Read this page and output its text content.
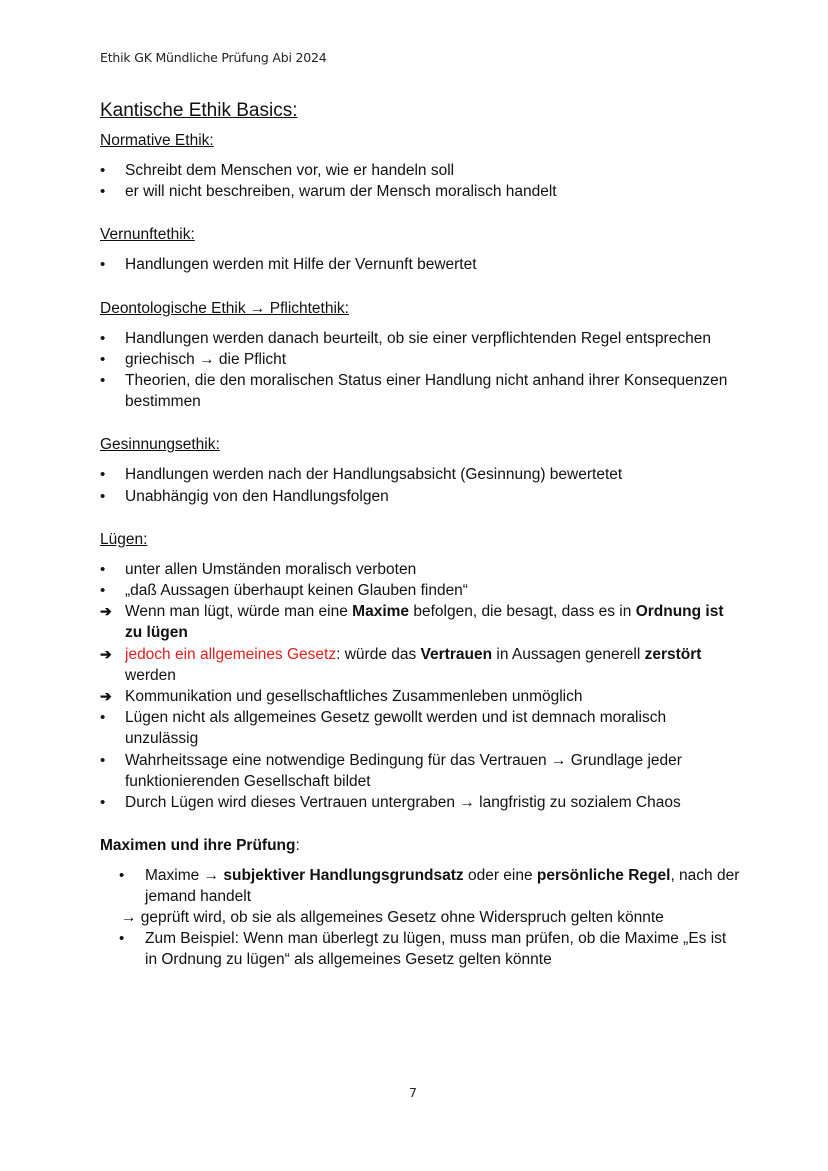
Ethik GK Mündliche Prüfung Abi 2024
Kantische Ethik Basics:
Normative Ethik:
•
Schreibt dem Menschen vor, wie er handeln soll
•
er will nicht beschreiben, warum der Mensch moralisch handelt
Vernunftethik:
•
Handlungen werden mit Hilfe der Vernunft bewertet
Deontologische Ethik → Pflichtethik:
•
Handlungen werden danach beurteilt, ob sie einer verpflichtenden Regel entsprechen
•
griechisch → die Pflicht
•
Theorien, die den moralischen Status einer Handlung nicht anhand ihrer Konsequenzen bestimmen
Gesinnungsethik:
•
Handlungen werden nach der Handlungsabsicht (Gesinnung) bewertetet
•
Unabhängig von den Handlungsfolgen
Lügen:
•
unter allen Umständen moralisch verboten
•
„daß Aussagen überhaupt keinen Glauben finden“
➔
Wenn man lügt, würde man eine Maxime befolgen, die besagt, dass es in Ordnung ist zu lügen
➔
jedoch ein allgemeines Gesetz: würde das Vertrauen in Aussagen generell zerstört werden
➔
Kommunikation und gesellschaftliches Zusammenleben unmöglich
•
Lügen nicht als allgemeines Gesetz gewollt werden und ist demnach moralisch unzulässig
•
Wahrheitssage eine notwendige Bedingung für das Vertrauen → Grundlage jeder funktionierenden Gesellschaft bildet
•
Durch Lügen wird dieses Vertrauen untergraben → langfristig zu sozialem Chaos
Maximen und ihre Prüfung:
•
Maxime → subjektiver Handlungsgrundsatz oder eine persönliche Regel, nach der jemand handelt
→ geprüft wird, ob sie als allgemeines Gesetz ohne Widerspruch gelten könnte
•
Zum Beispiel: Wenn man überlegt zu lügen, muss man prüfen, ob die Maxime „Es ist in Ordnung zu lügen“ als allgemeines Gesetz gelten könnte
7
